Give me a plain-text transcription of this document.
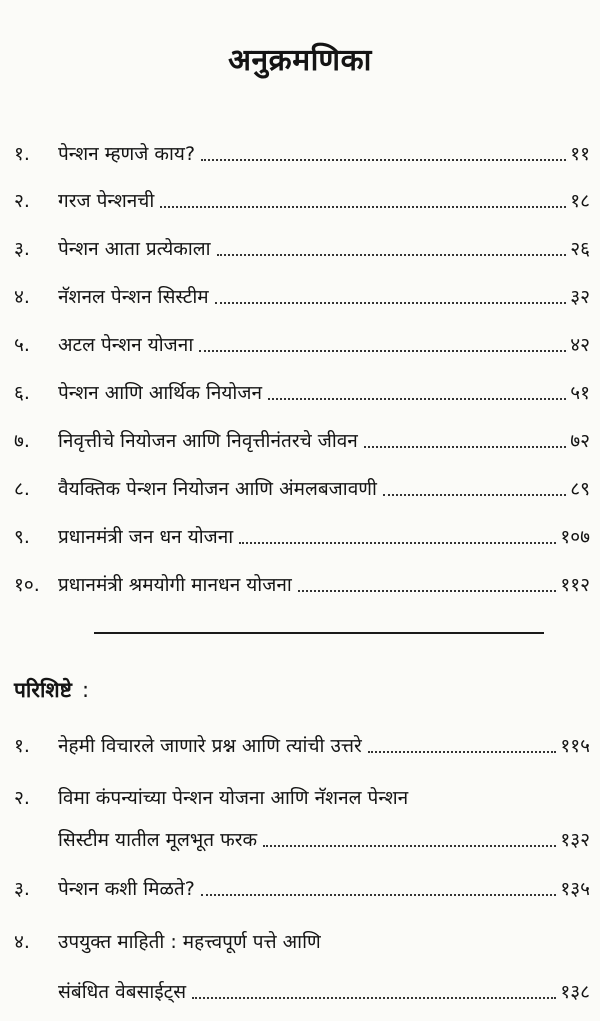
अनुक्रमणिका
१.	पेन्शन म्हणजे काय?	११
२.	गरज पेन्शनची	१८
३.	पेन्शन आता प्रत्येकाला	२६
४.	नॅशनल पेन्शन सिस्टीम	३२
५.	अटल पेन्शन योजना	४२
६.	पेन्शन आणि आर्थिक नियोजन	५१
७.	निवृत्तीचे नियोजन आणि निवृत्तीनंतरचे जीवन	७२
८.	वैयक्तिक पेन्शन नियोजन आणि अंमलबजावणी	८९
९.	प्रधानमंत्री जन धन योजना	१०७
१०. प्रधानमंत्री श्रमयोगी मानधन योजना	११२
परिशिष्टे :
१.	नेहमी विचारले जाणारे प्रश्न आणि त्यांची उत्तरे	११५
२.	विमा कंपन्यांच्या पेन्शन योजना आणि नॅशनल पेन्शन
सिस्टीम यातील मूलभूत फरक	१३२
३.	पेन्शन कशी मिळते?	१३५
४.	उपयुक्त माहिती : महत्त्वपूर्ण पत्ते आणि
संबंधित वेबसाईट्स	१३८
